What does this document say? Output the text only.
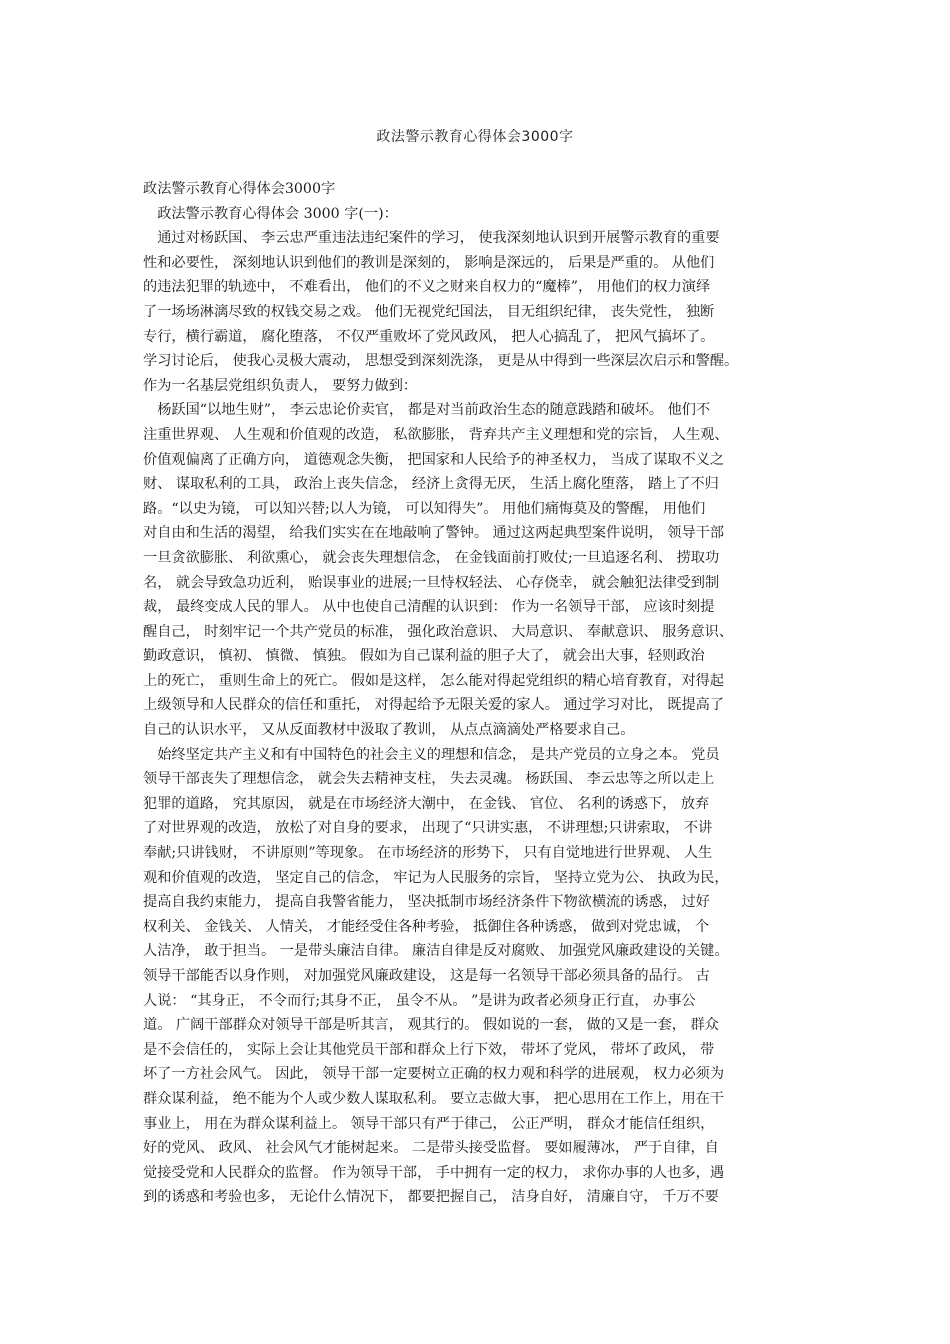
政法警示教育心得体会3000字
政法警示教育心得体会3000字
　政法警示教育心得体会 3000 字(一)：
　通过对杨跃国、 李云忠严重违法违纪案件的学习， 使我深刻地认识到开展警示教育的重要
性和必要性， 深刻地认识到他们的教训是深刻的， 影响是深远的， 后果是严重的。 从他们
的违法犯罪的轨迹中， 不难看出， 他们的不义之财来自权力的“魔棒”， 用他们的权力演绎
了一场场淋漓尽致的权钱交易之戏。 他们无视党纪国法， 目无组织纪律， 丧失党性， 独断
专行，横行霸道， 腐化堕落， 不仅严重败坏了党风政风， 把人心搞乱了， 把风气搞坏了。
学习讨论后， 使我心灵极大震动， 思想受到深刻洗涤， 更是从中得到一些深层次启示和警醒。
作为一名基层党组织负责人， 要努力做到：
　杨跃国“以地生财”， 李云忠论价卖官， 都是对当前政治生态的随意践踏和破坏。 他们不
注重世界观、 人生观和价值观的改造， 私欲膨胀， 背弃共产主义理想和党的宗旨， 人生观、
价值观偏离了正确方向， 道德观念失衡， 把国家和人民给予的神圣权力， 当成了谋取不义之
财、 谋取私利的工具， 政治上丧失信念， 经济上贪得无厌， 生活上腐化堕落， 踏上了不归
路。“以史为镜， 可以知兴替;以人为镜， 可以知得失”。 用他们痛悔莫及的警醒， 用他们
对自由和生活的渴望， 给我们实实在在地敲响了警钟。 通过这两起典型案件说明， 领导干部
一旦贪欲膨胀、 利欲熏心， 就会丧失理想信念， 在金钱面前打败仗;一旦追逐名利、 捞取功
名， 就会导致急功近利， 贻误事业的进展;一旦恃权轻法、 心存侥幸， 就会触犯法律受到制
裁， 最终变成人民的罪人。 从中也使自己清醒的认识到： 作为一名领导干部， 应该时刻提
醒自己， 时刻牢记一个共产党员的标准， 强化政治意识、 大局意识、 奉献意识、 服务意识、
勤政意识， 慎初、 慎微、 慎独。 假如为自己谋利益的胆子大了， 就会出大事，轻则政治
上的死亡， 重则生命上的死亡。 假如是这样， 怎么能对得起党组织的精心培育教育，对得起
上级领导和人民群众的信任和重托， 对得起给予无限关爱的家人。 通过学习对比， 既提高了
自己的认识水平， 又从反面教材中汲取了教训， 从点点滴滴处严格要求自己。
　始终坚定共产主义和有中国特色的社会主义的理想和信念， 是共产党员的立身之本。 党员
领导干部丧失了理想信念， 就会失去精神支柱， 失去灵魂。 杨跃国、 李云忠等之所以走上
犯罪的道路， 究其原因， 就是在市场经济大潮中， 在金钱、 官位、 名利的诱惑下， 放弃
了对世界观的改造， 放松了对自身的要求， 出现了“只讲实惠， 不讲理想;只讲索取， 不讲
奉献;只讲钱财， 不讲原则”等现象。 在市场经济的形势下， 只有自觉地进行世界观、 人生
观和价值观的改造， 坚定自己的信念， 牢记为人民服务的宗旨， 坚持立党为公、 执政为民，
提高自我约束能力， 提高自我警省能力， 坚决抵制市场经济条件下物欲横流的诱惑， 过好
权利关、 金钱关、 人情关， 才能经受住各种考验， 抵御住各种诱惑， 做到对党忠诚， 个
人洁净， 敢于担当。 一是带头廉洁自律。 廉洁自律是反对腐败、 加强党风廉政建设的关键。
领导干部能否以身作则， 对加强党风廉政建设， 这是每一名领导干部必须具备的品行。 古
人说： “其身正， 不令而行;其身不正， 虽令不从。 ”是讲为政者必须身正行直， 办事公
道。 广阔干部群众对领导干部是听其言， 观其行的。 假如说的一套， 做的又是一套， 群众
是不会信任的， 实际上会让其他党员干部和群众上行下效， 带坏了党风， 带坏了政风， 带
坏了一方社会风气。 因此， 领导干部一定要树立正确的权力观和科学的进展观， 权力必须为
群众谋利益， 绝不能为个人或少数人谋取私利。 要立志做大事， 把心思用在工作上，用在干
事业上， 用在为群众谋利益上。 领导干部只有严于律己， 公正严明， 群众才能信任组织，
好的党风、 政风、 社会风气才能树起来。 二是带头接受监督。 要如履薄冰， 严于自律，自
觉接受党和人民群众的监督。 作为领导干部， 手中拥有一定的权力， 求你办事的人也多，遇
到的诱惑和考验也多， 无论什么情况下， 都要把握自己， 洁身自好， 清廉自守， 千万不要
